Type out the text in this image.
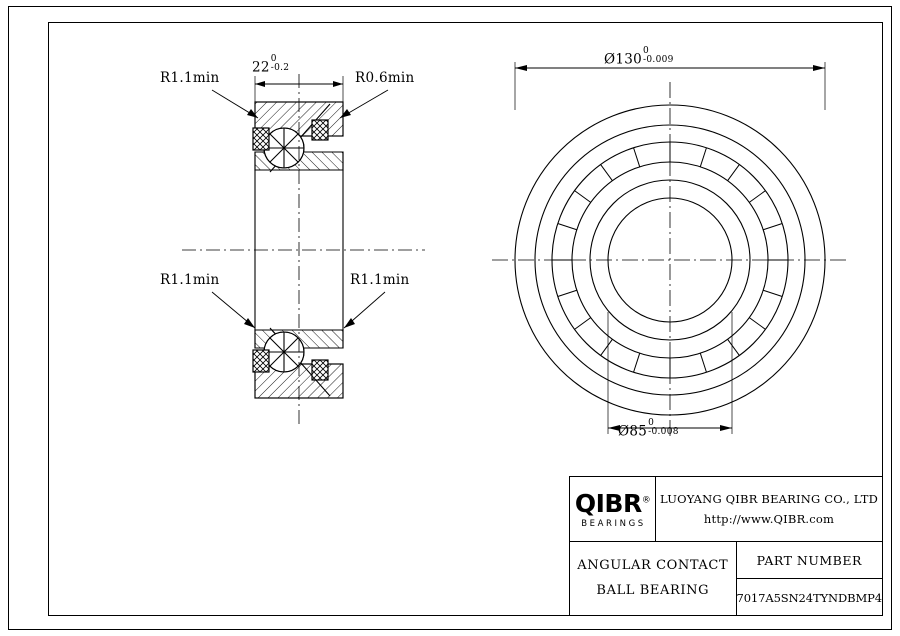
22
0
-0.2
R1.1min	R0.6min
R1.1min	R1.1min
Ø130
0
-0.009
Ø85
0
-0.008
QIBR®
BEARINGS
LUOYANG QIBR BEARING CO., LTD
http://www.QIBR.com
ANGULAR CONTACT
BALL BEARING
PART NUMBER
7017A5SN24TYNDBMP4
